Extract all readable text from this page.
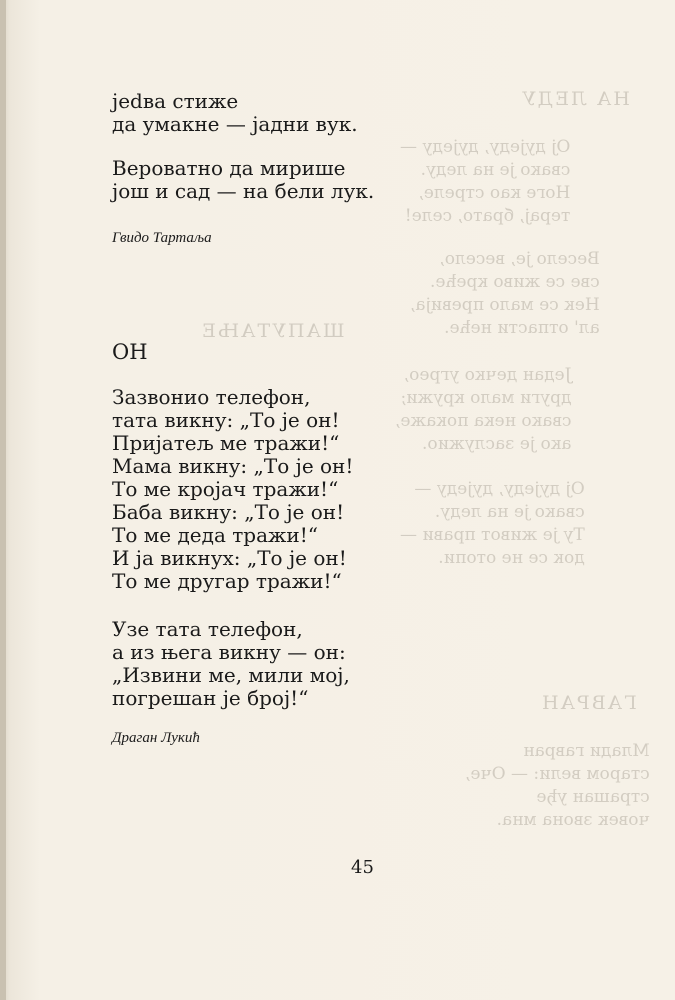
НА ЛЕДУ
Ој дуједу, дуједу —
свако је на леду.
Ноге као стреле,
терај, брато, селе!
Весело је, весело,
све се живо креће.
Нек се мало превија,
ал' отпасти неће.
ШАПУТАЊЕ
Један дечко угрео,
други мало кружи;
свако нека покаже,
ако је заслужио.
Ој дуједу, дуједу —
свако је на леду.
Ту је живот прави —
док се не отопи.
ГАВРАН
Млади гавран
старом вели: — Оче,
страшан уђе
човек звона мна.
јedва стиже
да умакне — јадни вук.
Вероватно да мирише
још и сад — на бели лук.
Гвидо Тартаља
ОН
Зазвонио телефон,
тата викну: „То је он!
Пријатељ ме тражи!“
Мама викну: „То је он!
То ме кројач тражи!“
Баба викну: „То је он!
То ме деда тражи!“
И ја викнух: „То је он!
То ме другар тражи!“
Узе тата телефон,
а из њега викну — он:
„Извини ме, мили мој,
погрешан је број!“
Драган Лукић
45
